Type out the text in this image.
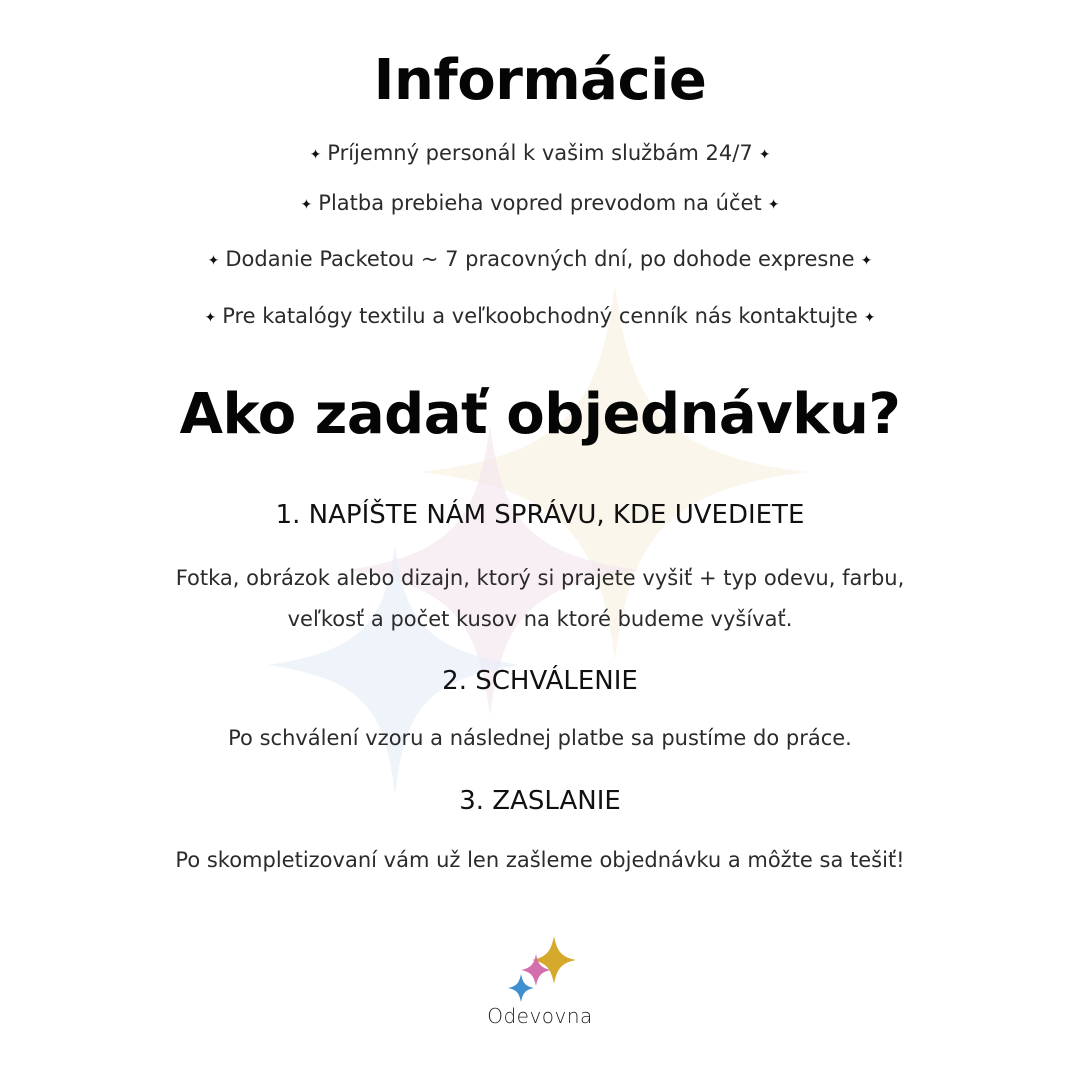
Informácie
✦ Príjemný personál k vašim službám 24/7 ✦
✦ Platba prebieha vopred prevodom na účet ✦
✦ Dodanie Packetou ~ 7 pracovných dní, po dohode expresne ✦
✦ Pre katalógy textilu a veľkoobchodný cenník nás kontaktujte ✦
Ako zadať objednávku?
1. NAPÍŠTE NÁM SPRÁVU, KDE UVEDIETE
Fotka, obrázok alebo dizajn, ktorý si prajete vyšiť + typ odevu, farbu,
veľkosť a počet kusov na ktoré budeme vyšívať.
2. SCHVÁLENIE
Po schválení vzoru a následnej platbe sa pustíme do práce.
3. ZASLANIE
Po skompletizovaní vám už len zašleme objednávku a môžte sa tešiť!
Odevovna
